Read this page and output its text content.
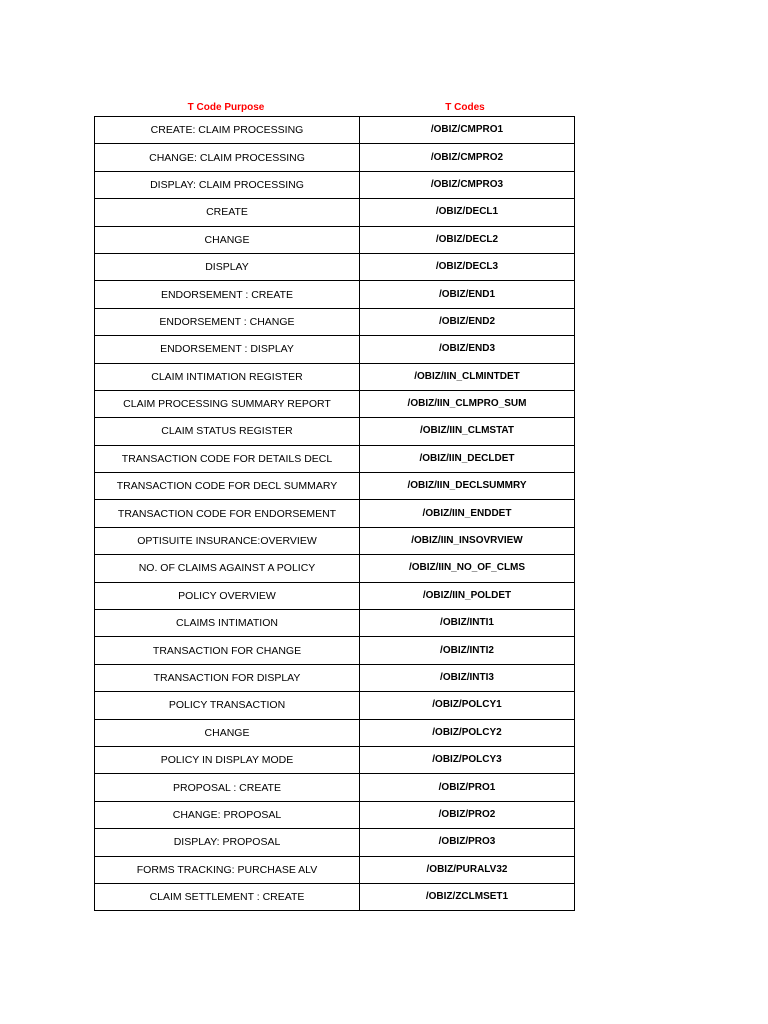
T Code Purpose	T Codes
CREATE: CLAIM PROCESSING	/OBIZ/CMPRO1
CHANGE: CLAIM PROCESSING	/OBIZ/CMPRO2
DISPLAY: CLAIM PROCESSING	/OBIZ/CMPRO3
CREATE	/OBIZ/DECL1
CHANGE	/OBIZ/DECL2
DISPLAY	/OBIZ/DECL3
ENDORSEMENT : CREATE	/OBIZ/END1
ENDORSEMENT : CHANGE	/OBIZ/END2
ENDORSEMENT : DISPLAY	/OBIZ/END3
CLAIM INTIMATION REGISTER	/OBIZ/IIN_CLMINTDET
CLAIM PROCESSING SUMMARY REPORT	/OBIZ/IIN_CLMPRO_SUM
CLAIM STATUS REGISTER	/OBIZ/IIN_CLMSTAT
TRANSACTION CODE FOR DETAILS DECL	/OBIZ/IIN_DECLDET
TRANSACTION CODE FOR DECL SUMMARY	/OBIZ/IIN_DECLSUMMRY
TRANSACTION CODE FOR ENDORSEMENT	/OBIZ/IIN_ENDDET
OPTISUITE INSURANCE:OVERVIEW	/OBIZ/IIN_INSOVRVIEW
NO. OF CLAIMS AGAINST A POLICY	/OBIZ/IIN_NO_OF_CLMS
POLICY OVERVIEW	/OBIZ/IIN_POLDET
CLAIMS INTIMATION	/OBIZ/INTI1
TRANSACTION FOR CHANGE	/OBIZ/INTI2
TRANSACTION FOR DISPLAY	/OBIZ/INTI3
POLICY TRANSACTION	/OBIZ/POLCY1
CHANGE	/OBIZ/POLCY2
POLICY IN DISPLAY MODE	/OBIZ/POLCY3
PROPOSAL : CREATE	/OBIZ/PRO1
CHANGE: PROPOSAL	/OBIZ/PRO2
DISPLAY: PROPOSAL	/OBIZ/PRO3
FORMS TRACKING: PURCHASE ALV	/OBIZ/PURALV32
CLAIM SETTLEMENT : CREATE	/OBIZ/ZCLMSET1
